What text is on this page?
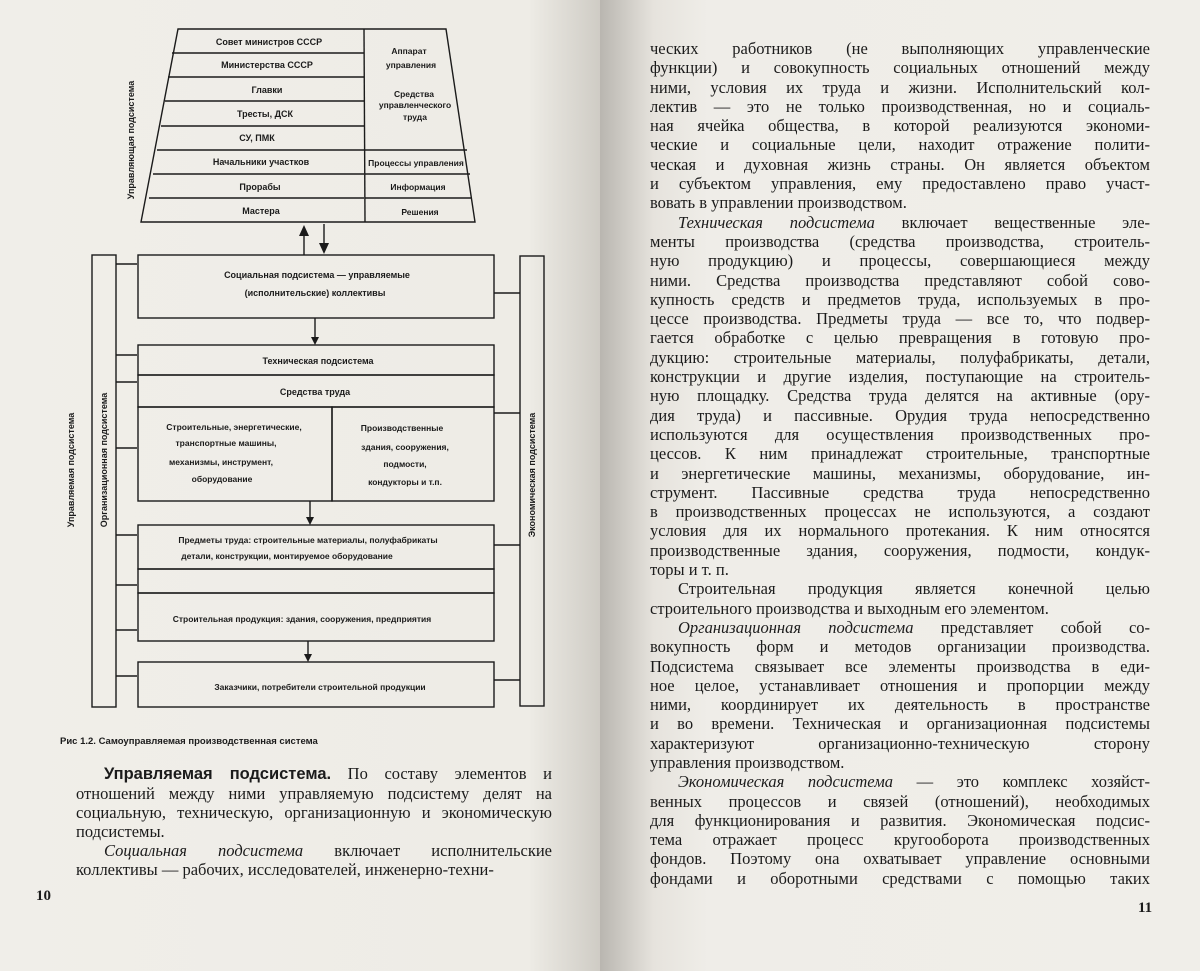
Управляющая подсистема
Управляемая подсистема	Организационная подсистема	Экономическая подсистема
Совет министров СССР
Министерства СССР
Главки
Тресты, ДСК
СУ, ПМК
Начальники участков
Прорабы
Мастера
Аппарат
управления
Средства
управленческого
труда
Процессы управления
Информация
Решения
Социальная подсистема — управляемые
(исполнительские) коллективы
Техническая подсистема
Средства труда
Строительные, энергетические,
транспортные машины,
механизмы, инструмент,
оборудование
Производственные
здания, сооружения,
подмости,
кондукторы и т.п.
Предметы труда: строительные материалы, полуфабрикаты
детали, конструкции, монтируемое оборудование
Строительная продукция: здания, сооружения, предприятия
Заказчики, потребители строительной продукции
Рис 1.2. Самоуправляемая производственная система

Управляемая подсистема. По составу элементов и отношений между ними управляемую подсистему делят на социальную, техническую, организационную и экономическую подсистемы.

Социальная подсистема включает исполнительские коллективы — рабочих, исследователей, инженерно-техни-

10
11
ческих работников (не выполняющих управленческие
функции) и совокупность социальных отношений между
ними, условия их труда и жизни. Исполнительский кол-
лектив — это не только производственная, но и социаль-
ная ячейка общества, в которой реализуются экономи-
ческие и социальные цели, находит отражение полити-
ческая и духовная жизнь страны. Он является объектом
и субъектом управления, ему предоставлено право участ-
вовать в управлении производством.
Техническая подсистема включает вещественные эле-
менты производства (средства производства, строитель-
ную продукцию) и процессы, совершающиеся между
ними. Средства производства представляют собой сово-
купность средств и предметов труда, используемых в про-
цессе производства. Предметы труда — все то, что подвер-
гается обработке с целью превращения в готовую про-
дукцию: строительные материалы, полуфабрикаты, детали,
конструкции и другие изделия, поступающие на строитель-
ную площадку. Средства труда делятся на активные (ору-
дия труда) и пассивные. Орудия труда непосредственно
используются для осуществления производственных про-
цессов. К ним принадлежат строительные, транспортные
и энергетические машины, механизмы, оборудование, ин-
струмент. Пассивные средства труда непосредственно
в производственных процессах не используются, а создают
условия для их нормального протекания. К ним относятся
производственные здания, сооружения, подмости, кондук-
торы и т. п.
Строительная продукция является конечной целью
строительного производства и выходным его элементом.
Организационная подсистема представляет собой со-
вокупность форм и методов организации производства.
Подсистема связывает все элементы производства в еди-
ное целое, устанавливает отношения и пропорции между
ними, координирует их деятельность в пространстве
и во времени. Техническая и организационная подсистемы
характеризуют организационно-техническую сторону
управления производством.
Экономическая подсистема — это комплекс хозяйст-
венных процессов и связей (отношений), необходимых
для функционирования и развития. Экономическая подсис-
тема отражает процесс кругооборота производственных
фондов. Поэтому она охватывает управление основными
фондами и оборотными средствами с помощью таких
